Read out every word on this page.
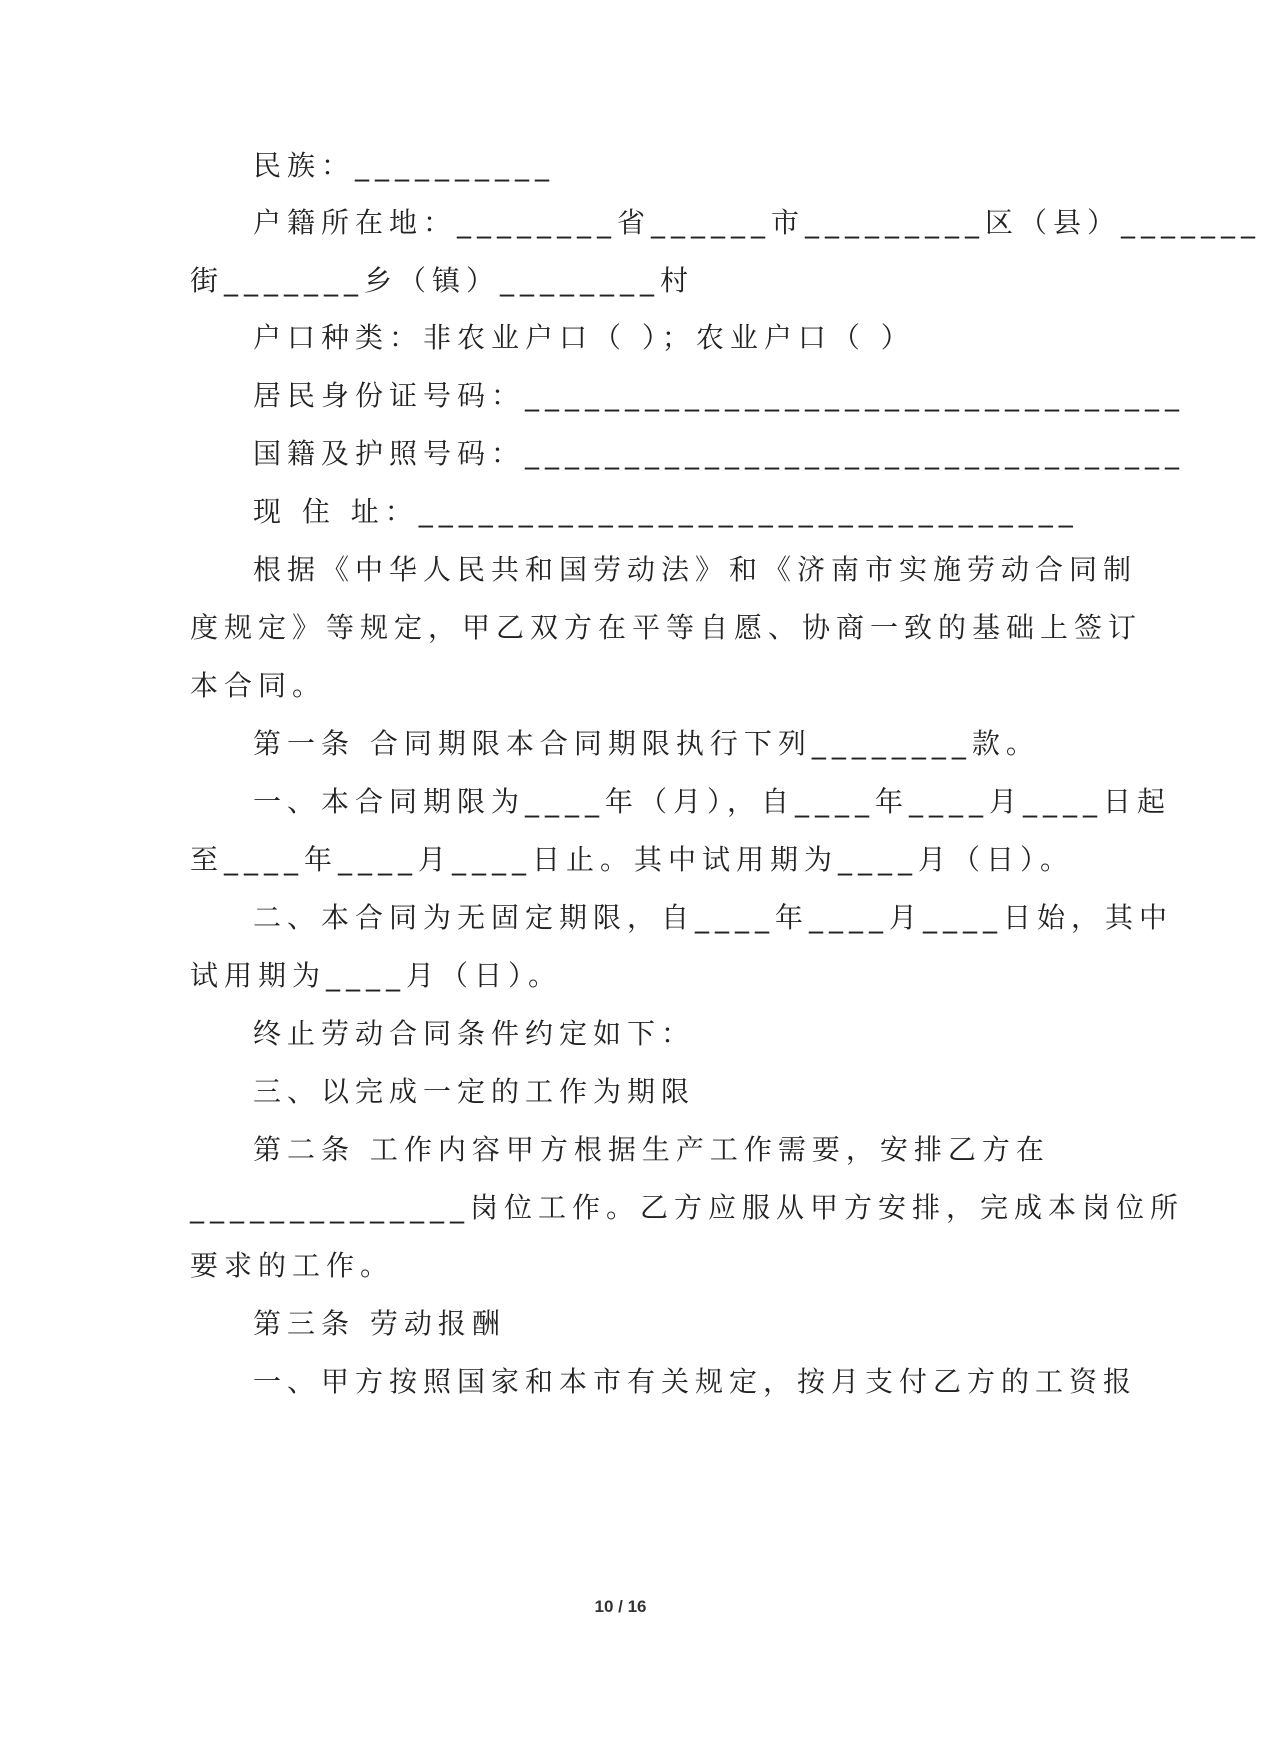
民族：__________
户籍所在地：________省______市_________区（县）_______
街_______乡（镇）________村
户口种类：非农业户口（ ）；农业户口（ ）
居民身份证号码：_________________________________
国籍及护照号码：_________________________________
现 住 址：_________________________________
根据《中华人民共和国劳动法》和《济南市实施劳动合同制
度规定》等规定，甲乙双方在平等自愿、协商一致的基础上签订
本合同。
第一条 合同期限本合同期限执行下列________款。
一、本合同期限为____年（月），自____年____月____日起
至____年____月____日止。其中试用期为____月（日）。
二、本合同为无固定期限，自____年____月____日始，其中
试用期为____月（日）。
终止劳动合同条件约定如下：
三、以完成一定的工作为期限
第二条 工作内容甲方根据生产工作需要，安排乙方在
______________岗位工作。乙方应服从甲方安排，完成本岗位所
要求的工作。
第三条 劳动报酬
一、甲方按照国家和本市有关规定，按月支付乙方的工资报
10 / 16
